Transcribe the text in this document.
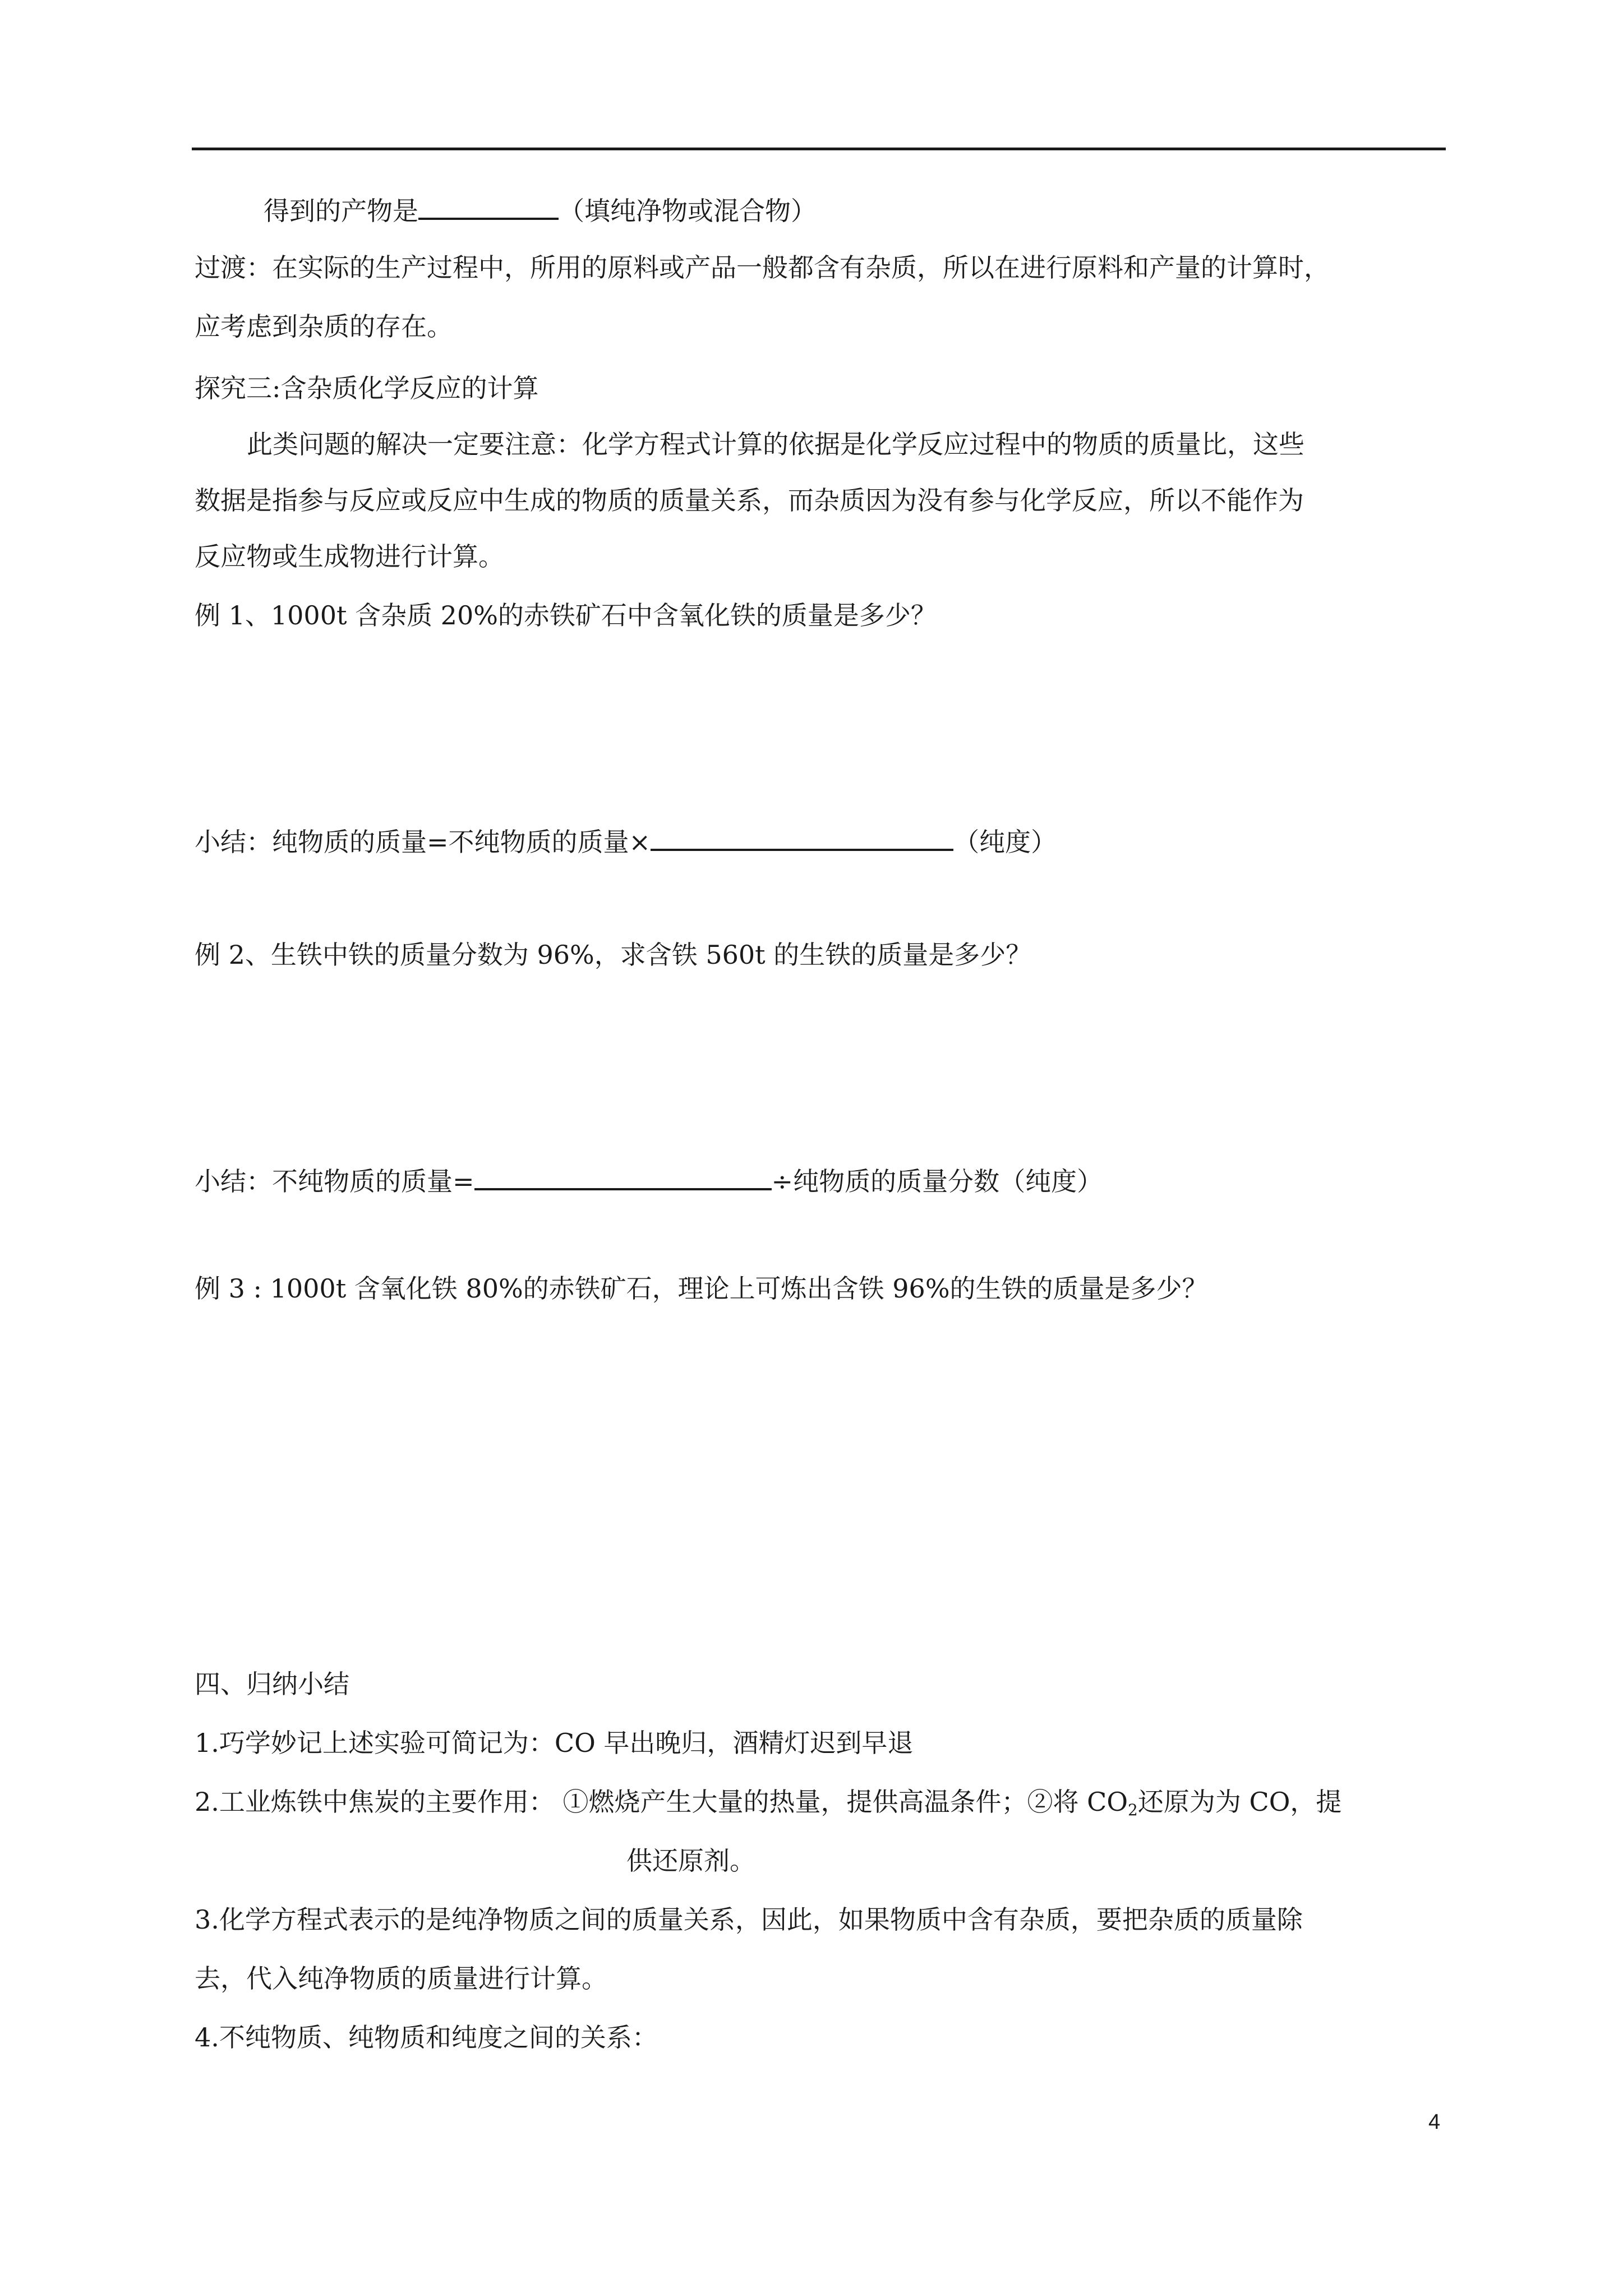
得到的产物是	（填纯净物或混合物）
过渡：在实际的生产过程中，所用的原料或产品一般都含有杂质，所以在进行原料和产量的计算时，
应考虑到杂质的存在。
探究三:含杂质化学反应的计算
此类问题的解决一定要注意：化学方程式计算的依据是化学反应过程中的物质的质量比，这些
数据是指参与反应或反应中生成的物质的质量关系，而杂质因为没有参与化学反应，所以不能作为
反应物或生成物进行计算。
例 1、1000t 含杂质 20%的赤铁矿石中含氧化铁的质量是多少？
小结：纯物质的质量=不纯物质的质量×	（纯度）
例 2、生铁中铁的质量分数为 96%，求含铁 560t 的生铁的质量是多少？
小结：不纯物质的质量=	÷纯物质的质量分数（纯度）
例 3 : 1000t 含氧化铁 80%的赤铁矿石，理论上可炼出含铁 96%的生铁的质量是多少？
四、归纳小结
1.巧学妙记上述实验可简记为：CO 早出晚归，酒精灯迟到早退
2.工业炼铁中焦炭的主要作用： ①燃烧产生大量的热量，提供高温条件；②将 $CO_2$还原为为 CO，提
供还原剂。
3.化学方程式表示的是纯净物质之间的质量关系，因此，如果物质中含有杂质，要把杂质的质量除
去，代入纯净物质的质量进行计算。
4.不纯物质、纯物质和纯度之间的关系：
4
